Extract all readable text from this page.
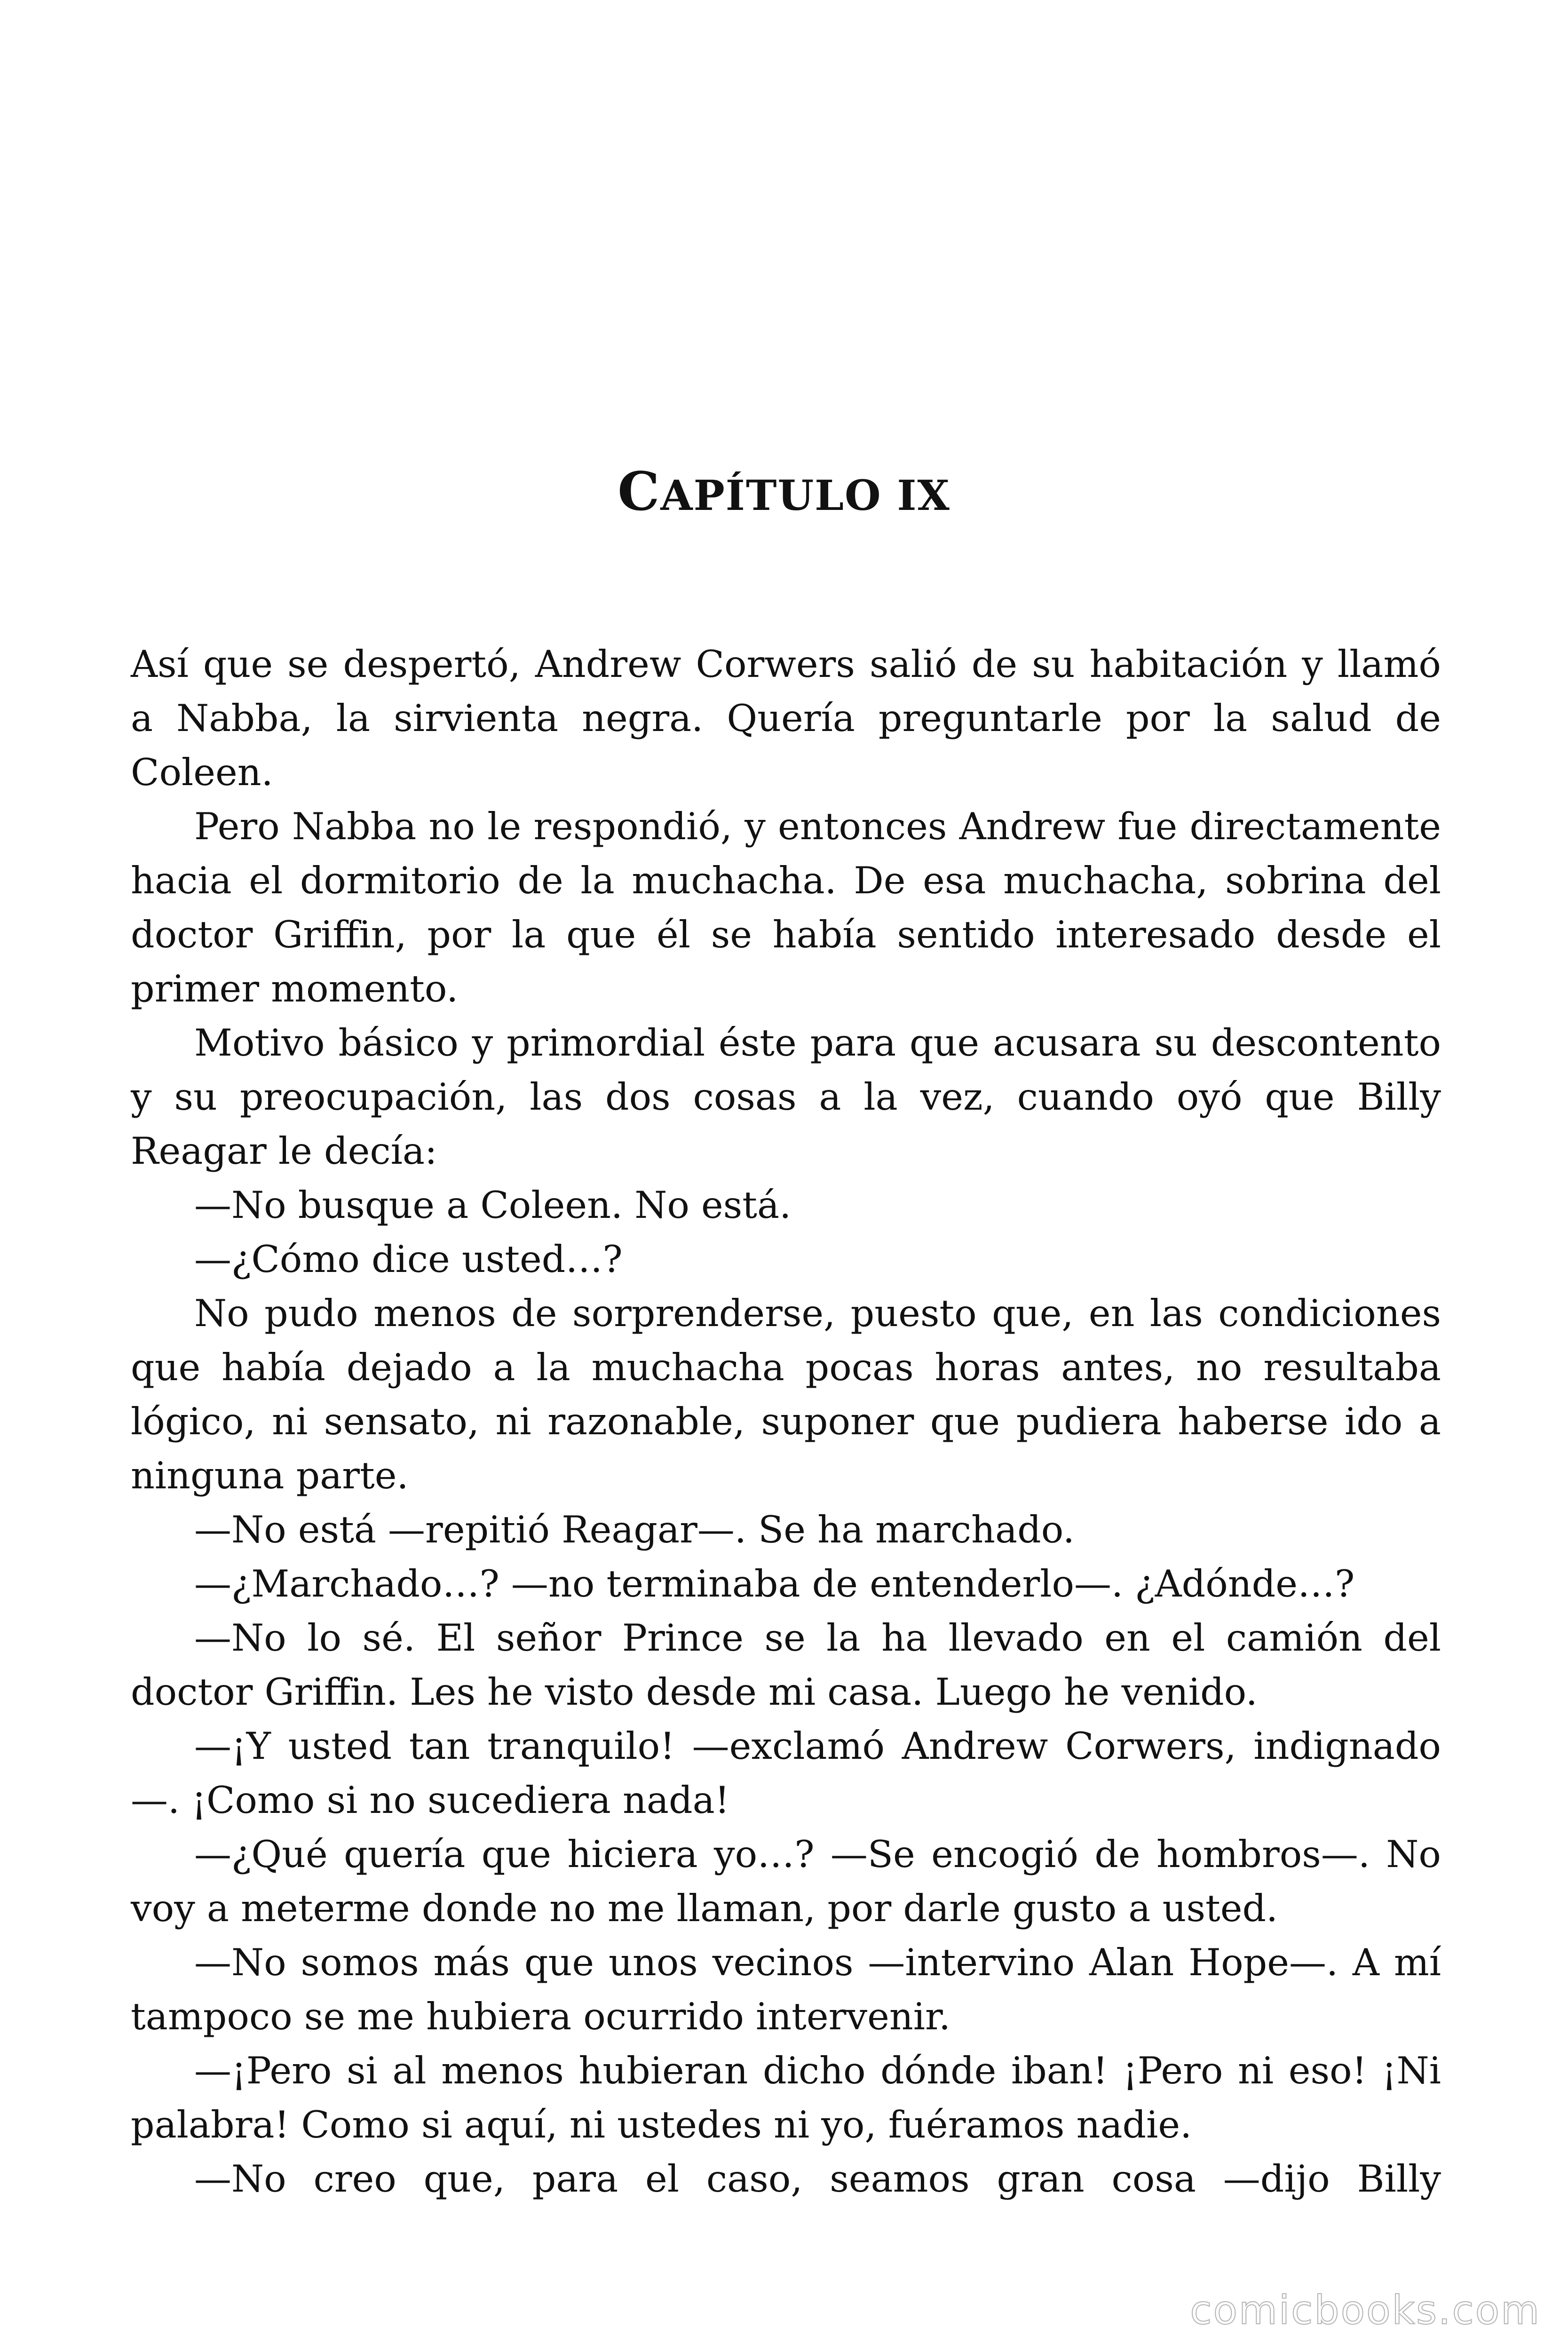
CAPÍTULO IX

Así que se despertó, Andrew Corwers salió de su habitación y llamó a Nabba, la sirvienta negra. Quería preguntarle por la salud de Coleen.

Pero Nabba no le respondió, y entonces Andrew fue directamente hacia el dormitorio de la muchacha. De esa muchacha, sobrina del doctor Griffin, por la que él se había sentido interesado desde el primer momento.

Motivo básico y primordial éste para que acusara su descontento y su preocupación, las dos cosas a la vez, cuando oyó que Billy Reagar le decía:

—No busque a Coleen. No está.

—¿Cómo dice usted…?

No pudo menos de sorprenderse, puesto que, en las condiciones que había dejado a la muchacha pocas horas antes, no resultaba lógico, ni sensato, ni razonable, suponer que pudiera haberse ido a ninguna parte.

—No está —repitió Reagar—. Se ha marchado.

—¿Marchado…? —no terminaba de entenderlo—. ¿Adónde…?

—No lo sé. El señor Prince se la ha llevado en el camión del doctor Griffin. Les he visto desde mi casa. Luego he venido.

—¡Y usted tan tranquilo! —exclamó Andrew Corwers, indignado —. ¡Como si no sucediera nada!

—¿Qué quería que hiciera yo…? —Se encogió de hombros—. No voy a meterme donde no me llaman, por darle gusto a usted.

—No somos más que unos vecinos —intervino Alan Hope—. A mí tampoco se me hubiera ocurrido intervenir.

—¡Pero si al menos hubieran dicho dónde iban! ¡Pero ni eso! ¡Ni palabra! Como si aquí, ni ustedes ni yo, fuéramos nadie.

—No creo que, para el caso, seamos gran cosa —dijo Billy

comicbooks.com
